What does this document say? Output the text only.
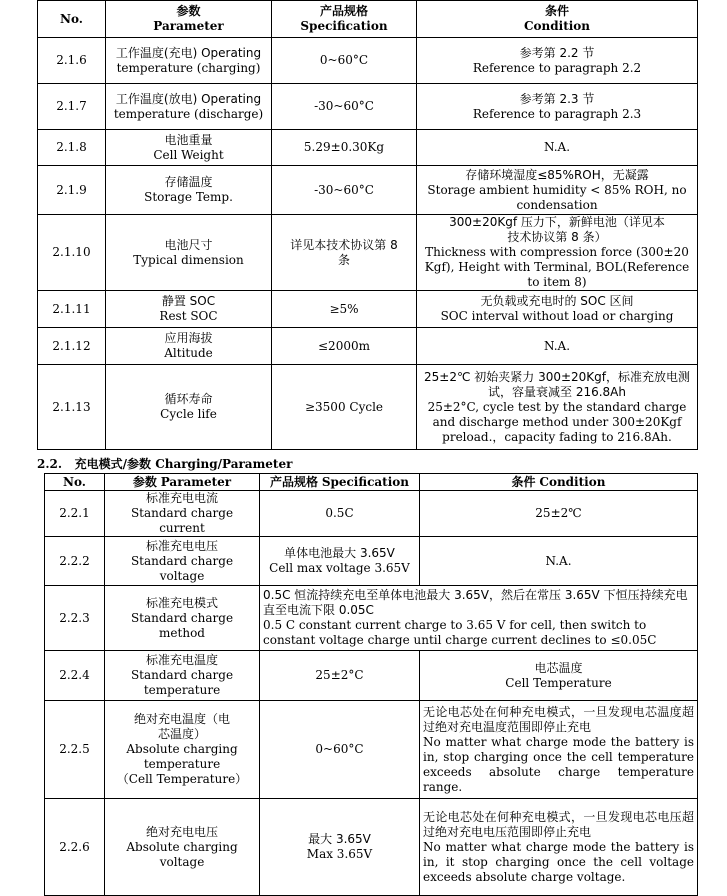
No.	参数
Parameter	产品规格
Specification	条件
Condition

2.1.6	工作温度(充电) Operating
temperature (charging)	0~60°C	参考第 2.2 节
Reference to paragraph 2.2

2.1.7	工作温度(放电) Operating
temperature (discharge)	-30~60°C	参考第 2.3 节
Reference to paragraph 2.3

2.1.8	电池重量
Cell Weight	5.29±0.30Kg	N.A.
2.1.9	存储温度
Storage Temp.	-30~60°C	存储环境湿度≤85%ROH，无凝露
Storage ambient humidity < 85% ROH, no condensation

2.1.10	电池尺寸
Typical dimension	详见本技术协议第 8 条	300±20Kgf 压力下，新鲜电池（详见本技术协议第 8 条）
Thickness with compression force (300±20 Kgf), Height with Terminal, BOL(Reference to item 8)

2.1.11	静置 SOC
Rest SOC	≥5%	无负载或充电时的 SOC 区间
SOC interval without load or charging

2.1.12	应用海拔
Altitude	≤2000m	N.A.
2.1.13	循环寿命
Cycle life	≥3500 Cycle	25±2℃ 初始夹紧力 300±20Kgf，标准充放电测试，容量衰减至 216.8Ah
25±2°C, cycle test by the standard charge and discharge method under 300±20Kgf preload.，capacity fading to 216.8Ah.
2.2. 充电模式/参数 Charging/Parameter
No.	参数 Parameter	产品规格 Specification	条件 Condition
2.2.1	标准充电电流
Standard charge current	0.5C	25±2℃
2.2.2	标准充电电压
Standard charge voltage	单体电池最大 3.65V
Cell max voltage 3.65V	N.A.
2.2.3	标准充电模式
Standard charge method	0.5C 恒流持续充电至单体电池最大 3.65V，然后在常压 3.65V 下恒压持续充电直至电流下限 0.05C
0.5 C constant current charge to 3.65 V for cell, then switch to constant voltage charge until charge current declines to ≤0.05C	

2.2.4	标准充电温度
Standard charge temperature	25±2°C	电芯温度
Cell Temperature

2.2.5	绝对充电温度（电芯温度）
Absolute charging temperature
（Cell Temperature）	0~60°C	无论电芯处在何种充电模式，一旦发现电芯温度超过绝对充电温度范围即停止充电
No matter what charge mode the battery is in, stop charging once the cell temperature exceeds absolute charge temperature range.

2.2.6	绝对充电电压
Absolute charging voltage	最大 3.65V
Max 3.65V	无论电芯处在何种充电模式，一旦发现电芯电压超过绝对充电电压范围即停止充电
No matter what charge mode the battery is in, it stop charging once the cell voltage exceeds absolute charge voltage.
